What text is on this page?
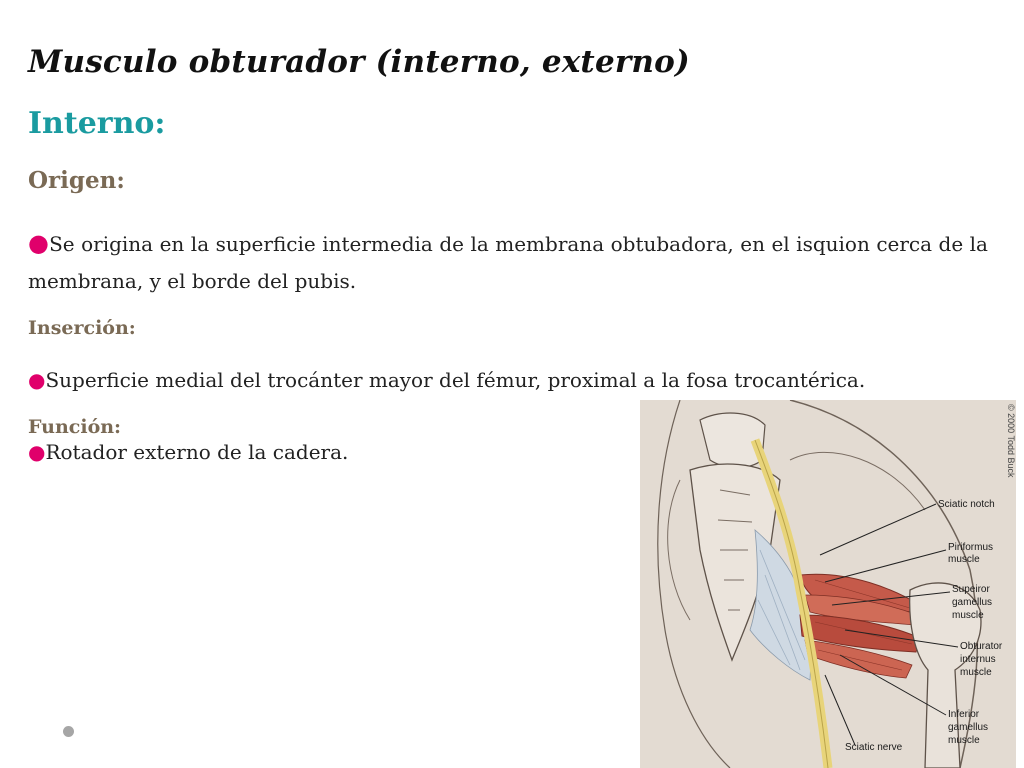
Musculo obturador (interno, externo)
Interno:
Origen:
●Se origina en la superficie intermedia de la membrana obtubadora, en el isquion cerca de la membrana, y el borde del pubis.
Inserción:
●Superficie medial del trocánter mayor del fémur, proximal a la fosa trocantérica.
Función:
●Rotador externo de la cadera.
Sciatic notch
Piriformus
muscle
Supeiror
gamellus
muscle
Obturator
internus
muscle
Inferior
gamellus
muscle
Sciatic nerve
© 2000 Todd Buck
